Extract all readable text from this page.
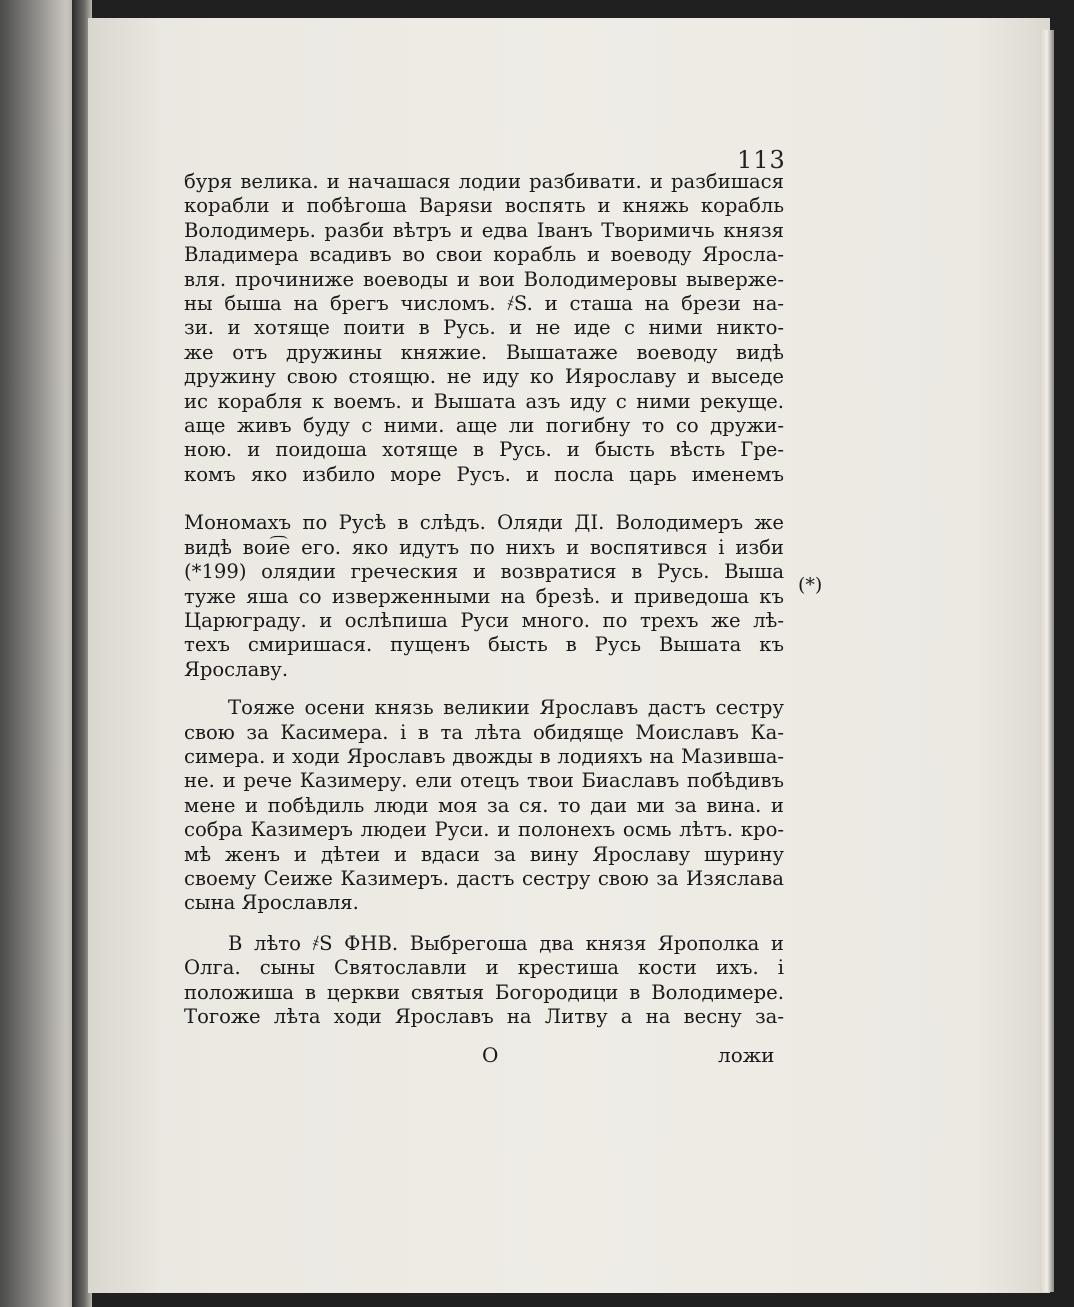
113
буря велика. и начашася лодии разбивати. и разбишася
корабли и побѣгоша Варяѕи воспять и княжь корабль
Володимерь. разби вѣтръ и едва Іванъ Творимичь князя
Владимера всадивъ во свои корабль и воеводу Яросла-
вля. прочиниже воеводы и вои Володимеровы выверже-
ны быша на брегъ числомъ. ҂S. и сташа на брези на-
зи. и хотяще поити в Русь. и не иде с ними никто-
же отъ дружины княжие. Вышатаже воеводу видѣ
дружину свою стоящю. не иду ко Иярославу и выседе
ис корабля к воемъ. и Вышата азъ иду с ними рекуще.
аще живъ буду с ними. аще ли погибну то со дружи-
ною. и поидоша хотяще в Русь. и бысть вѣсть Гре-
комъ яко избило море Русъ. и посла царь именемъ
Мономахъ по Русѣ в слѣдъ. Оляди ДІ. Володимеръ же
видѣ вои͡е его. яко идутъ по нихъ и воспятився і изби
(*199) олядии греческия и возвратися в Русь. Выша
туже яша со изверженными на брезѣ. и приведоша къ
Царюграду. и ослѣпиша Руси много. по трехъ же лѣ-
техъ смиришася. пущенъ бысть в Русь Вышата къ
Ярославу.
Тояже осени князь великии Ярославъ дастъ сестру
свою за Касимера. і в та лѣта обидяще Моиславъ Ка-
симера. и ходи Ярославъ двожды в лодияхъ на Мазивша-
не. и рече Казимеру. ели отецъ твои Биаславъ побѣдивъ
мене и побѣдиль люди моя за ся. то даи ми за вина. и
собра Казимеръ людеи Руси. и полонехъ осмь лѣтъ. кро-
мѣ женъ и дѣтеи и вдаси за вину Ярославу шурину
своему Сеиже Казимеръ. дастъ сестру свою за Изяслава
сына Ярославля.
В лѣто ҂S ФНВ. Выбрегоша два князя Ярополка и
Олга. сыны Святославли и крестиша кости ихъ. і
положиша в церкви святыя Богородици в Володимере.
Тогоже лѣта ходи Ярославъ на Литву а на весну за-
(*)
О	ложи
